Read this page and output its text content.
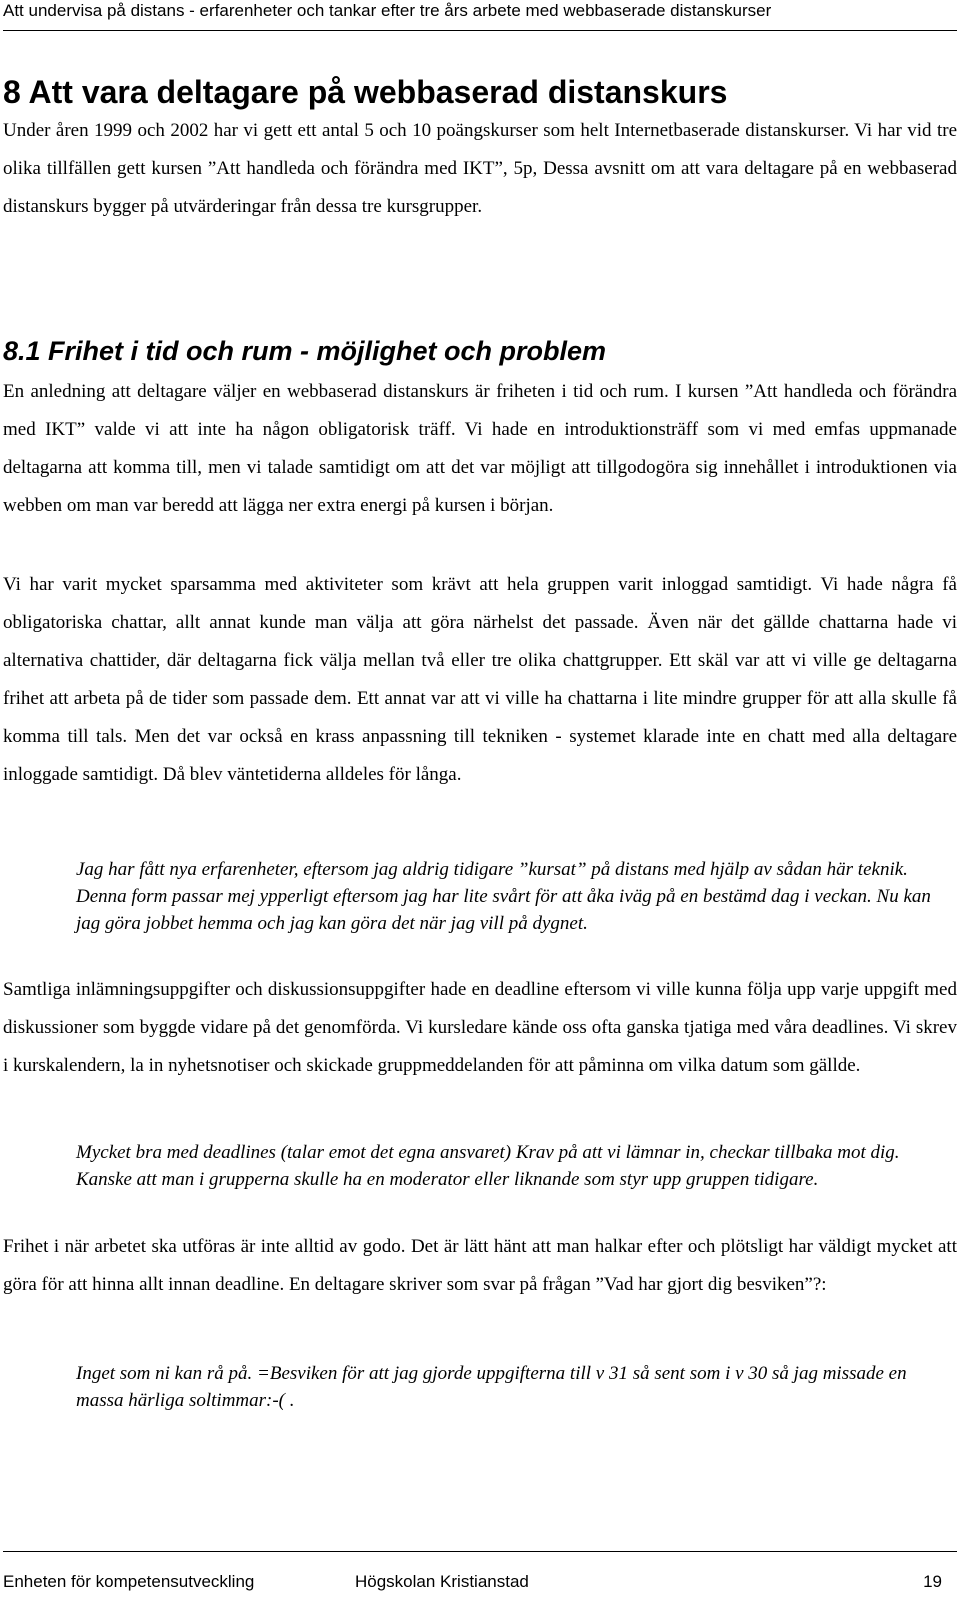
Att undervisa på distans - erfarenheter och tankar efter tre års arbete med webbaserade distanskurser
8 Att vara deltagare på webbaserad distanskurs

Under åren 1999 och 2002 har vi gett ett antal 5 och 10 poängskurser som helt Internetbaserade distanskurser. Vi har vid tre olika tillfällen gett kursen ”Att handleda och förändra med IKT”, 5p, Dessa avsnitt om att vara deltagare på en webbaserad distanskurs bygger på utvärderingar från dessa tre kursgrupper.

8.1 Frihet i tid och rum - möjlighet och problem

En anledning att deltagare väljer en webbaserad distanskurs är friheten i tid och rum. I kursen ”Att handleda och förändra med IKT” valde vi att inte ha någon obligatorisk träff. Vi hade en introduktionsträff som vi med emfas uppmanade deltagarna att komma till, men vi talade samtidigt om att det var möjligt att tillgodogöra sig innehållet i introduktionen via webben om man var beredd att lägga ner extra energi på kursen i början.

Vi har varit mycket sparsamma med aktiviteter som krävt att hela gruppen varit inloggad samtidigt. Vi hade några få obligatoriska chattar, allt annat kunde man välja att göra närhelst det passade. Även när det gällde chattarna hade vi alternativa chattider, där deltagarna fick välja mellan två eller tre olika chattgrupper. Ett skäl var att vi ville ge deltagarna frihet att arbeta på de tider som passade dem. Ett annat var att vi ville ha chattarna i lite mindre grupper för att alla skulle få komma till tals. Men det var också en krass anpassning till tekniken - systemet klarade inte en chatt med alla deltagare inloggade samtidigt. Då blev väntetiderna alldeles för långa.

Jag har fått nya erfarenheter, eftersom jag aldrig tidigare ”kursat” på distans med hjälp av sådan här teknik. Denna form passar mej ypperligt eftersom jag har lite svårt för att åka iväg på en bestämd dag i veckan. Nu kan jag göra jobbet hemma och jag kan göra det när jag vill på dygnet.

Samtliga inlämningsuppgifter och diskussionsuppgifter hade en deadline eftersom vi ville kunna följa upp varje uppgift med diskussioner som byggde vidare på det genomförda. Vi kursledare kände oss ofta ganska tjatiga med våra deadlines. Vi skrev i kurskalendern, la in nyhetsnotiser och skickade gruppmeddelanden för att påminna om vilka datum som gällde.

Mycket bra med deadlines (talar emot det egna ansvaret) Krav på att vi lämnar in, checkar tillbaka mot dig. Kanske att man i grupperna skulle ha en moderator eller liknande som styr upp gruppen tidigare.

Frihet i när arbetet ska utföras är inte alltid av godo. Det är lätt hänt att man halkar efter och plötsligt har väldigt mycket att göra för att hinna allt innan deadline. En deltagare skriver som svar på frågan ”Vad har gjort dig besviken”?:

Inget som ni kan rå på. =Besviken för att jag gjorde uppgifterna till v 31 så sent som i v 30 så jag missade en massa härliga soltimmar:-( .

Enheten för kompetensutveckling	Högskolan Kristianstad	19
